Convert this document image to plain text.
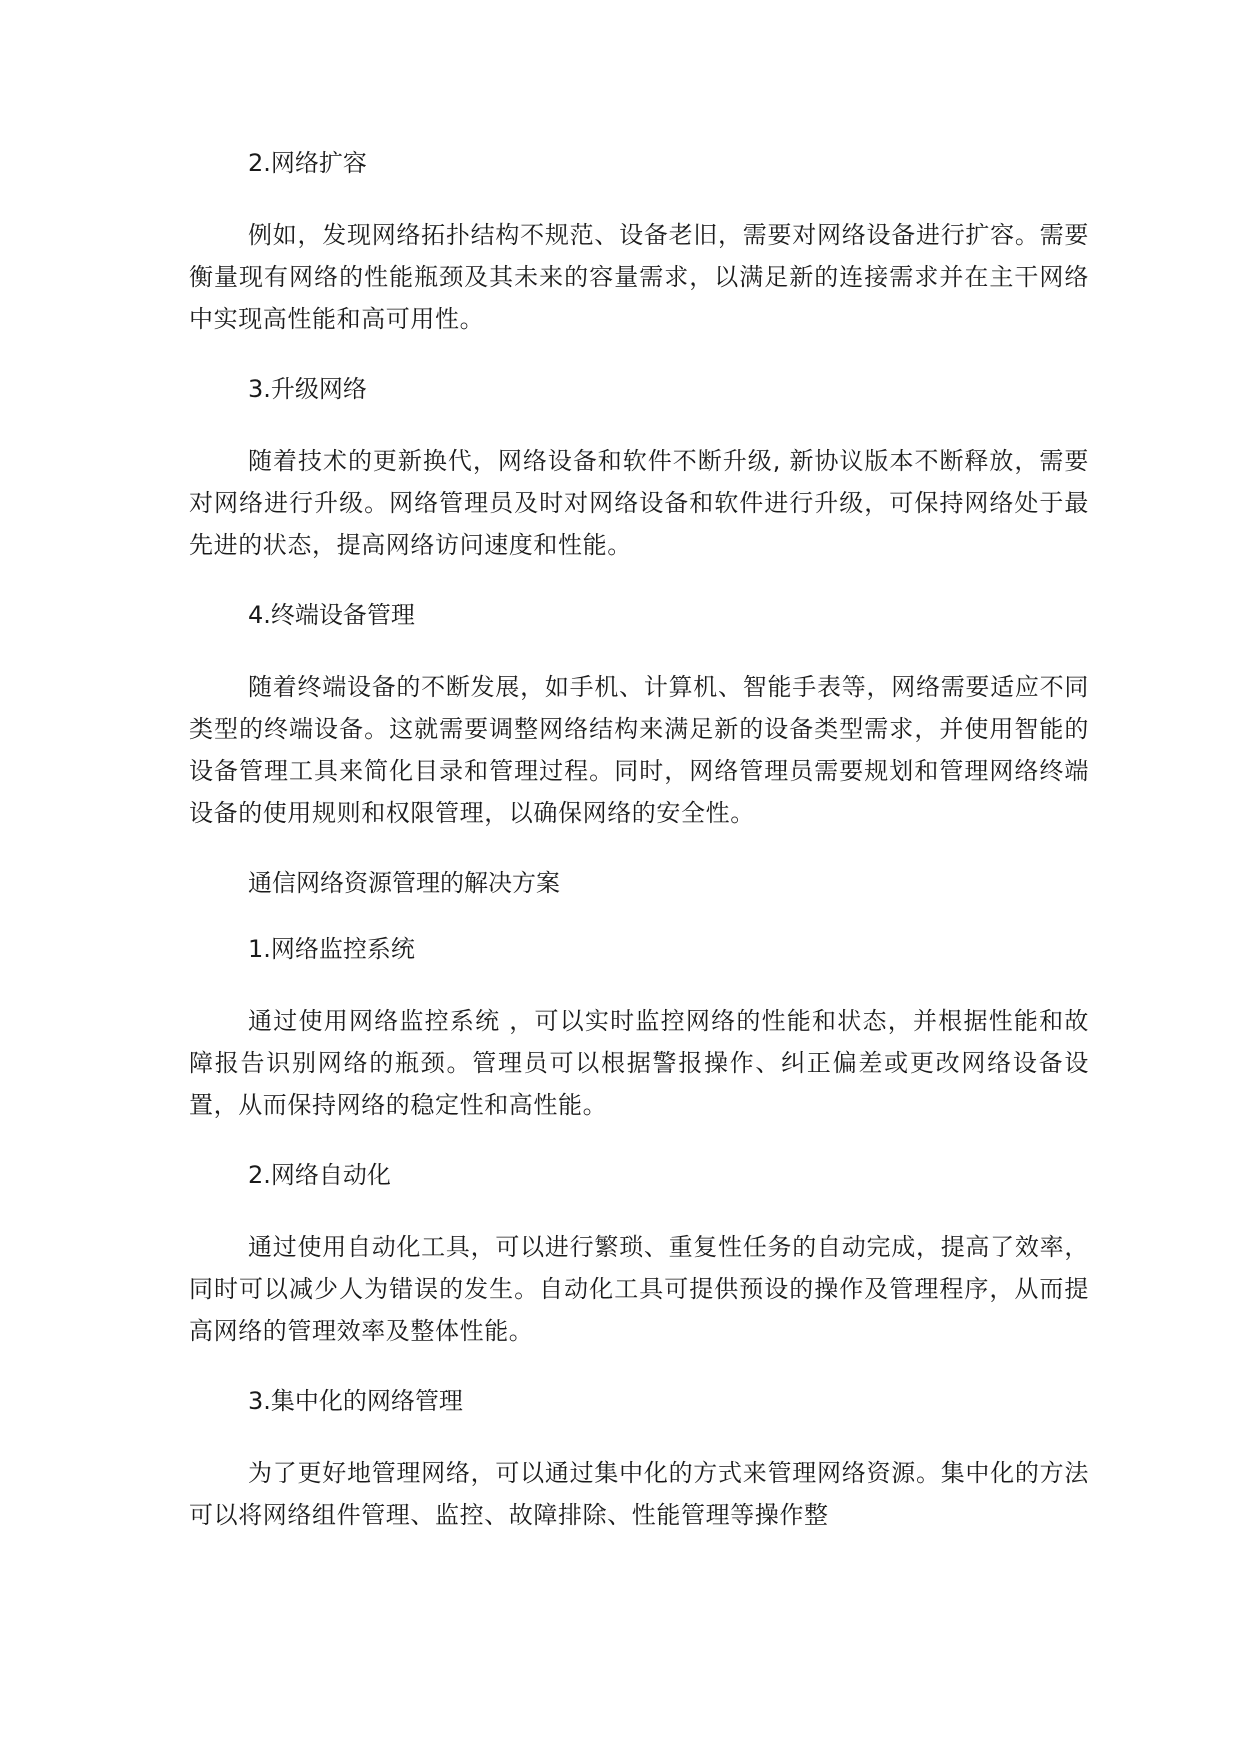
2.网络扩容

例如，发现网络拓扑结构不规范、设备老旧，需要对网络设备进行扩容。需要衡量现有网络的性能瓶颈及其未来的容量需求，以满足新的连接需求并在主干网络中实现高性能和高可用性。

3.升级网络

随着技术的更新换代，网络设备和软件不断升级, 新协议版本不断释放，需要对网络进行升级。网络管理员及时对网络设备和软件进行升级，可保持网络处于最先进的状态，提高网络访问速度和性能。

4.终端设备管理

随着终端设备的不断发展，如手机、计算机、智能手表等，网络需要适应不同类型的终端设备。这就需要调整网络结构来满足新的设备类型需求，并使用智能的设备管理工具来简化目录和管理过程。同时，网络管理员需要规划和管理网络终端设备的使用规则和权限管理，以确保网络的安全性。

通信网络资源管理的解决方案
1.网络监控系统

通过使用网络监控系统 ，可以实时监控网络的性能和状态，并根据性能和故障报告识别网络的瓶颈。管理员可以根据警报操作、纠正偏差或更改网络设备设置，从而保持网络的稳定性和高性能。

2.网络自动化

通过使用自动化工具，可以进行繁琐、重复性任务的自动完成，提高了效率，同时可以减少人为错误的发生。自动化工具可提供预设的操作及管理程序，从而提高网络的管理效率及整体性能。

3.集中化的网络管理

为了更好地管理网络，可以通过集中化的方式来管理网络资源。集中化的方法可以将网络组件管理、监控、故障排除、性能管理等操作整
